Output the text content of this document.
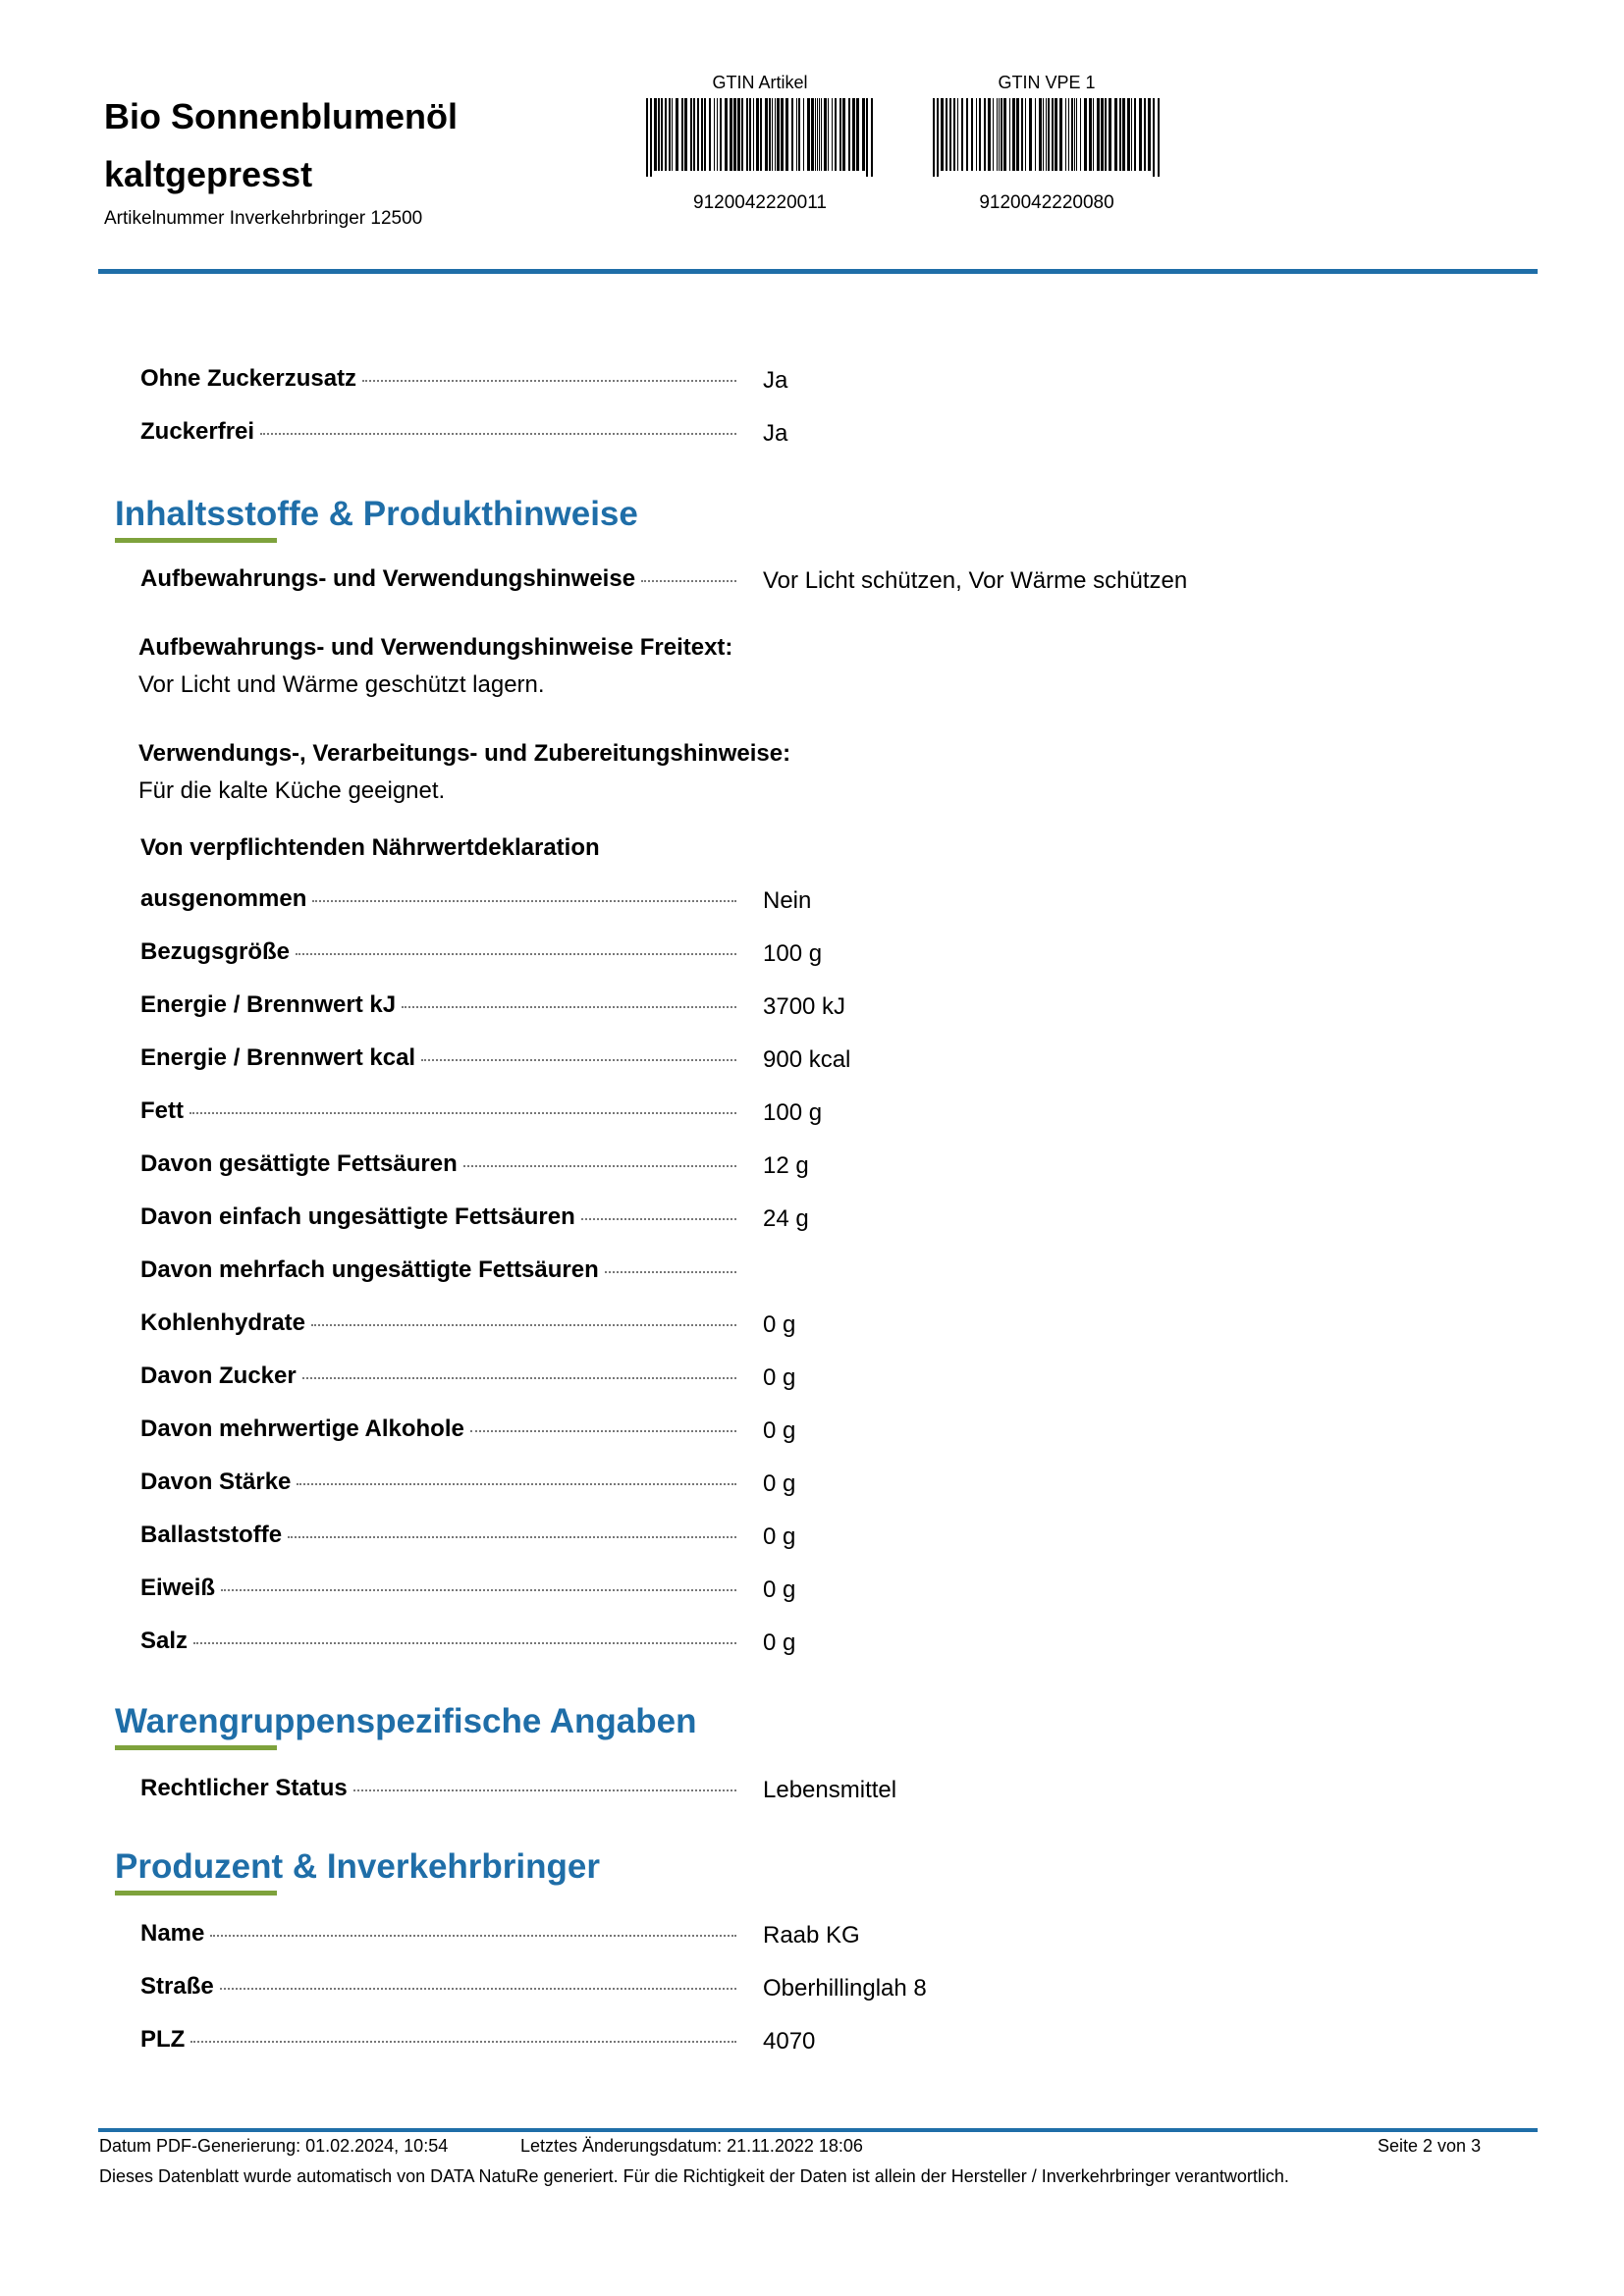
Bio Sonnenblumenöl
kaltgepresst
Artikelnummer Inverkehrbringer 12500
GTIN Artikel
9120042220011
GTIN VPE 1
9120042220080
Ohne Zuckerzusatz	Ja
Zuckerfrei	Ja
Inhaltsstoffe & Produkthinweise
Aufbewahrungs- und Verwendungshinweise	Vor Licht schützen, Vor Wärme schützen
Aufbewahrungs- und Verwendungshinweise Freitext:
Vor Licht und Wärme geschützt lagern.
Verwendungs-, Verarbeitungs- und Zubereitungshinweise:
Für die kalte Küche geeignet.
Von verpflichtenden Nährwertdeklaration
ausgenommen	Nein
Bezugsgröße	100 g
Energie / Brennwert kJ	3700 kJ
Energie / Brennwert kcal	900 kcal
Fett	100 g
Davon gesättigte Fettsäuren	12 g
Davon einfach ungesättigte Fettsäuren	24 g
Davon mehrfach ungesättigte Fettsäuren
Kohlenhydrate	0 g
Davon Zucker	0 g
Davon mehrwertige Alkohole	0 g
Davon Stärke	0 g
Ballaststoffe	0 g
Eiweiß	0 g
Salz	0 g
Warengruppenspezifische Angaben
Rechtlicher Status	Lebensmittel
Produzent & Inverkehrbringer
Name	Raab KG
Straße	Oberhillinglah 8
PLZ	4070
Datum PDF-Generierung: 01.02.2024, 10:54	Letztes Änderungsdatum: 21.11.2022 18:06	Seite 2 von 3
Dieses Datenblatt wurde automatisch von DATA NatuRe generiert. Für die Richtigkeit der Daten ist allein der Hersteller / Inverkehrbringer verantwortlich.
